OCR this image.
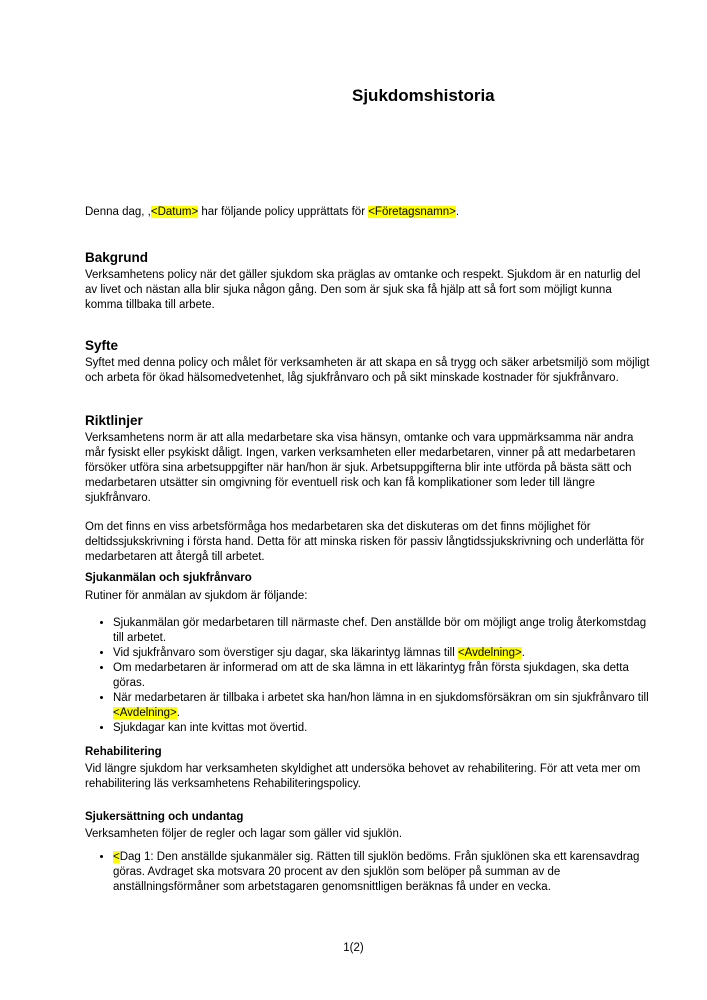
Sjukdomshistoria

Denna dag, ,<Datum> har följande policy upprättats för <Företagsnamn>.

Bakgrund

Verksamhetens policy när det gäller sjukdom ska präglas av omtanke och respekt. Sjukdom är en naturlig del av livet och nästan alla blir sjuka någon gång. Den som är sjuk ska få hjälp att så fort som möjligt kunna komma tillbaka till arbete.

Syfte

Syftet med denna policy och målet för verksamheten är att skapa en så trygg och säker arbetsmiljö som möjligt och arbeta för ökad hälsomedvetenhet, låg sjukfrånvaro och på sikt minskade kostnader för sjukfrånvaro.

Riktlinjer

Verksamhetens norm är att alla medarbetare ska visa hänsyn, omtanke och vara uppmärksamma när andra mår fysiskt eller psykiskt dåligt. Ingen, varken verksamheten eller medarbetaren, vinner på att medarbetaren försöker utföra sina arbetsuppgifter när han/hon är sjuk. Arbetsuppgifterna blir inte utförda på bästa sätt och medarbetaren utsätter sin omgivning för eventuell risk och kan få komplikationer som leder till längre sjukfrånvaro.

Om det finns en viss arbetsförmåga hos medarbetaren ska det diskuteras om det finns möjlighet för deltidssjukskrivning i första hand. Detta för att minska risken för passiv långtidssjukskrivning och underlätta för medarbetaren att återgå till arbetet.

Sjukanmälan och sjukfrånvaro

Rutiner för anmälan av sjukdom är följande:

• Sjukanmälan gör medarbetaren till närmaste chef. Den anställde bör om möjligt ange trolig återkomstdag till arbetet.
• Vid sjukfrånvaro som överstiger sju dagar, ska läkarintyg lämnas till <Avdelning>.
• Om medarbetaren är informerad om att de ska lämna in ett läkarintyg från första sjukdagen, ska detta göras.
• När medarbetaren är tillbaka i arbetet ska han/hon lämna in en sjukdomsförsäkran om sin sjukfrånvaro till <Avdelning>.
• Sjukdagar kan inte kvittas mot övertid.
Rehabilitering

Vid längre sjukdom har verksamheten skyldighet att undersöka behovet av rehabilitering. För att veta mer om rehabilitering läs verksamhetens Rehabiliteringspolicy.

Sjukersättning och undantag

Verksamheten följer de regler och lagar som gäller vid sjuklön.

• <Dag 1: Den anställde sjukanmäler sig. Rätten till sjuklön bedöms. Från sjuklönen ska ett karensavdrag göras. Avdraget ska motsvara 20 procent av den sjuklön som belöper på summan av de anställningsförmåner som arbetstagaren genomsnittligen beräknas få under en vecka.
1(2)
